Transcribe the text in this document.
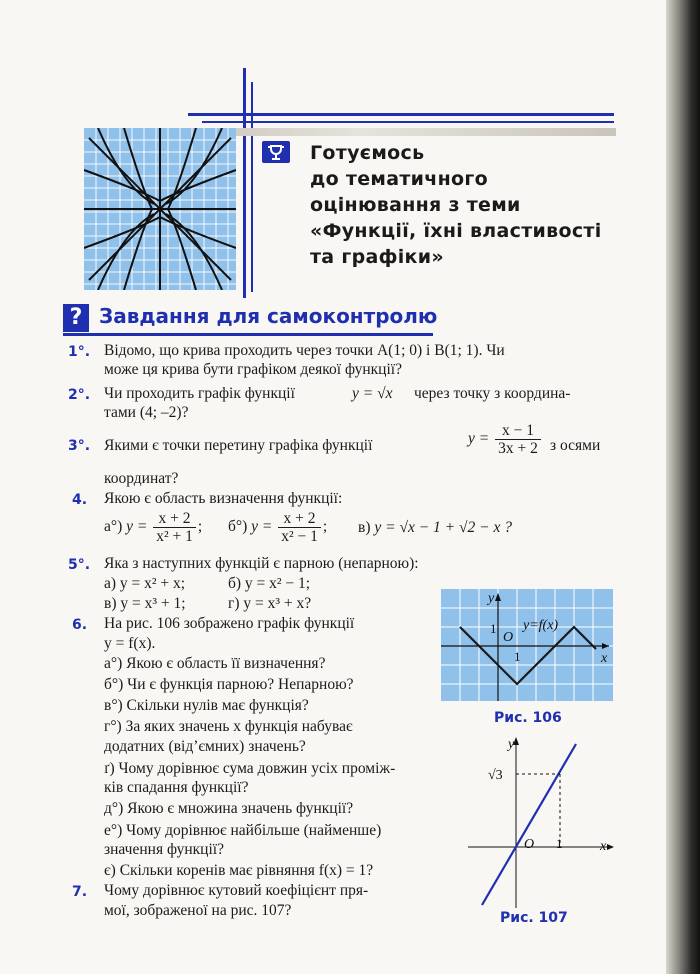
Готуємось
до тематичного
оцінювання з теми
«Функції, їхні властивості
та графіки»
? Завдання для самоконтролю
1°. Відомо, що крива проходить через точки A(1; 0) і B(1; 1). Чи
може ця крива бути графіком деякої функції?
2°. Чи проходить графік функції	y = √x через точку з координа-
тами (4; –2)?
3°. Якими є точки перетину графіка функції	$y = \frac{x - 1}{3x + 2}$ з осями
координат?
4. Якою є область визначення функції:
а°) $y = \frac{x + 2}{\text{x² + 1}}$ ; б°) $y = \frac{x + 2}{\text{x² − 1}}$ ; в) y = √x − 1 + √2 − x ?
5°. Яка з наступних функцій є парною (непарною):
а) y = x² + x;	б) y = x² − 1;
в) y = x³ + 1;	г) y = x³ + x?
6. На рис. 106 зображено графік функції
y = f(x).
а°) Якою є область її визначення?
б°) Чи є функція парною? Непарною?
в°) Скільки нулів має функція?
г°) За яких значень x функція набуває
додатних (від’ємних) значень?
ґ) Чому дорівнює сума довжин усіх промiж-
ків спадання функції?
д°) Якою є множина значень функції?
е°) Чому дорівнює найбільше (найменше)
значення функції?
є) Скільки коренів має рівняння f(x) = 1?
7. Чому дорівнює кутовий коефіцієнт пря-
мої, зображеної на рис. 107?
y
x
O
1
1
y=f(x)
Рис. 106
y
x
O 1
√3
Рис. 107
